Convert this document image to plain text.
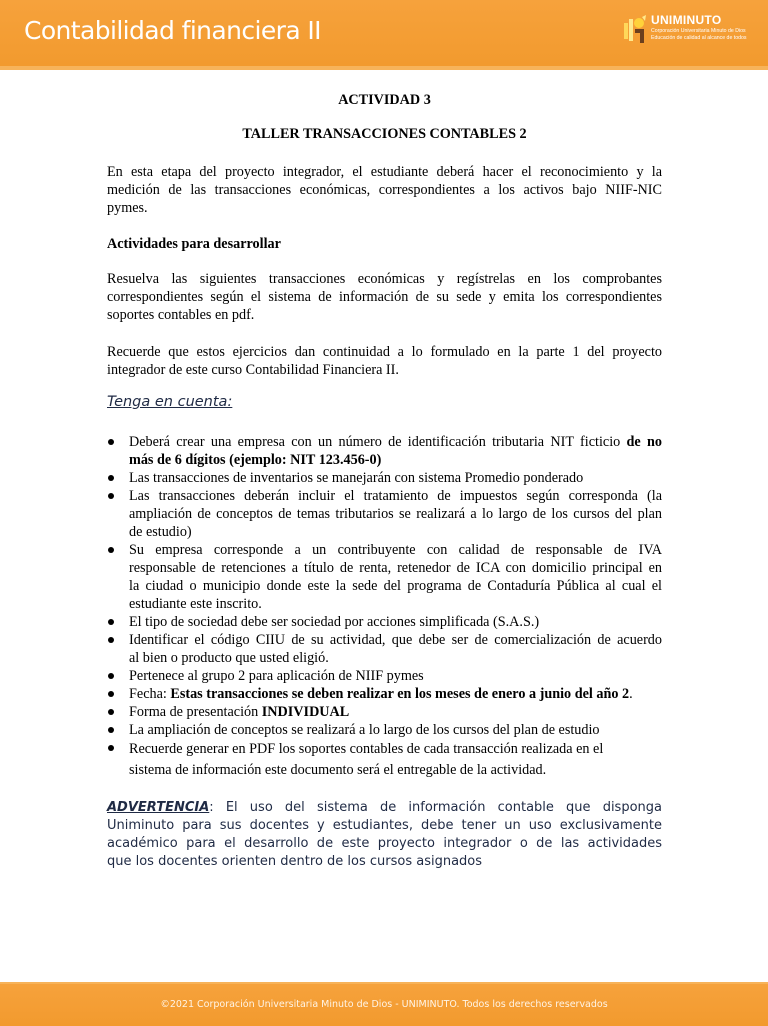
Contabilidad financiera II	UNIMINUTO
Corporación Universitaria Minuto de Dios
Educación de calidad al alcance de todos
ACTIVIDAD 3
TALLER TRANSACCIONES CONTABLES 2
En esta etapa del proyecto integrador, el estudiante deberá hacer el reconocimiento y la
medición de las transacciones económicas, correspondientes a los activos bajo NIIF-NIC
pymes.
Actividades para desarrollar
Resuelva las siguientes transacciones económicas y regístrelas en los comprobantes
correspondientes según el sistema de información de su sede y emita los correspondientes
soportes contables en pdf.
Recuerde que estos ejercicios dan continuidad a lo formulado en la parte 1 del proyecto
integrador de este curso Contabilidad Financiera II.
Tenga en cuenta:
Deberá crear una empresa con un número de identificación tributaria NIT ficticio de no
más de 6 dígitos (ejemplo: NIT 123.456-0)
Las transacciones de inventarios se manejarán con sistema Promedio ponderado
Las transacciones deberán incluir el tratamiento de impuestos según corresponda (la
ampliación de conceptos de temas tributarios se realizará a lo largo de los cursos del plan
de estudio)
Su empresa corresponde a un contribuyente con calidad de responsable de IVA
responsable de retenciones a título de renta, retenedor de ICA con domicilio principal en
la ciudad o municipio donde este la sede del programa de Contaduría Pública al cual el
estudiante este inscrito.
El tipo de sociedad debe ser sociedad por acciones simplificada (S.A.S.)
Identificar el código CIIU de su actividad, que debe ser de comercialización de acuerdo
al bien o producto que usted eligió.
Pertenece al grupo 2 para aplicación de NIIF pymes
Fecha: Estas transacciones se deben realizar en los meses de enero a junio del año 2.
Forma de presentación INDIVIDUAL
La ampliación de conceptos se realizará a lo largo de los cursos del plan de estudio
Recuerde generar en PDF los soportes contables de cada transacción realizada en el
sistema de información este documento será el entregable de la actividad.
ADVERTENCIA: El uso del sistema de información contable que disponga
Uniminuto para sus docentes y estudiantes, debe tener un uso exclusivamente
académico para el desarrollo de este proyecto integrador o de las actividades
que los docentes orienten dentro de los cursos asignados
©2021 Corporación Universitaria Minuto de Dios - UNIMINUTO. Todos los derechos reservados
